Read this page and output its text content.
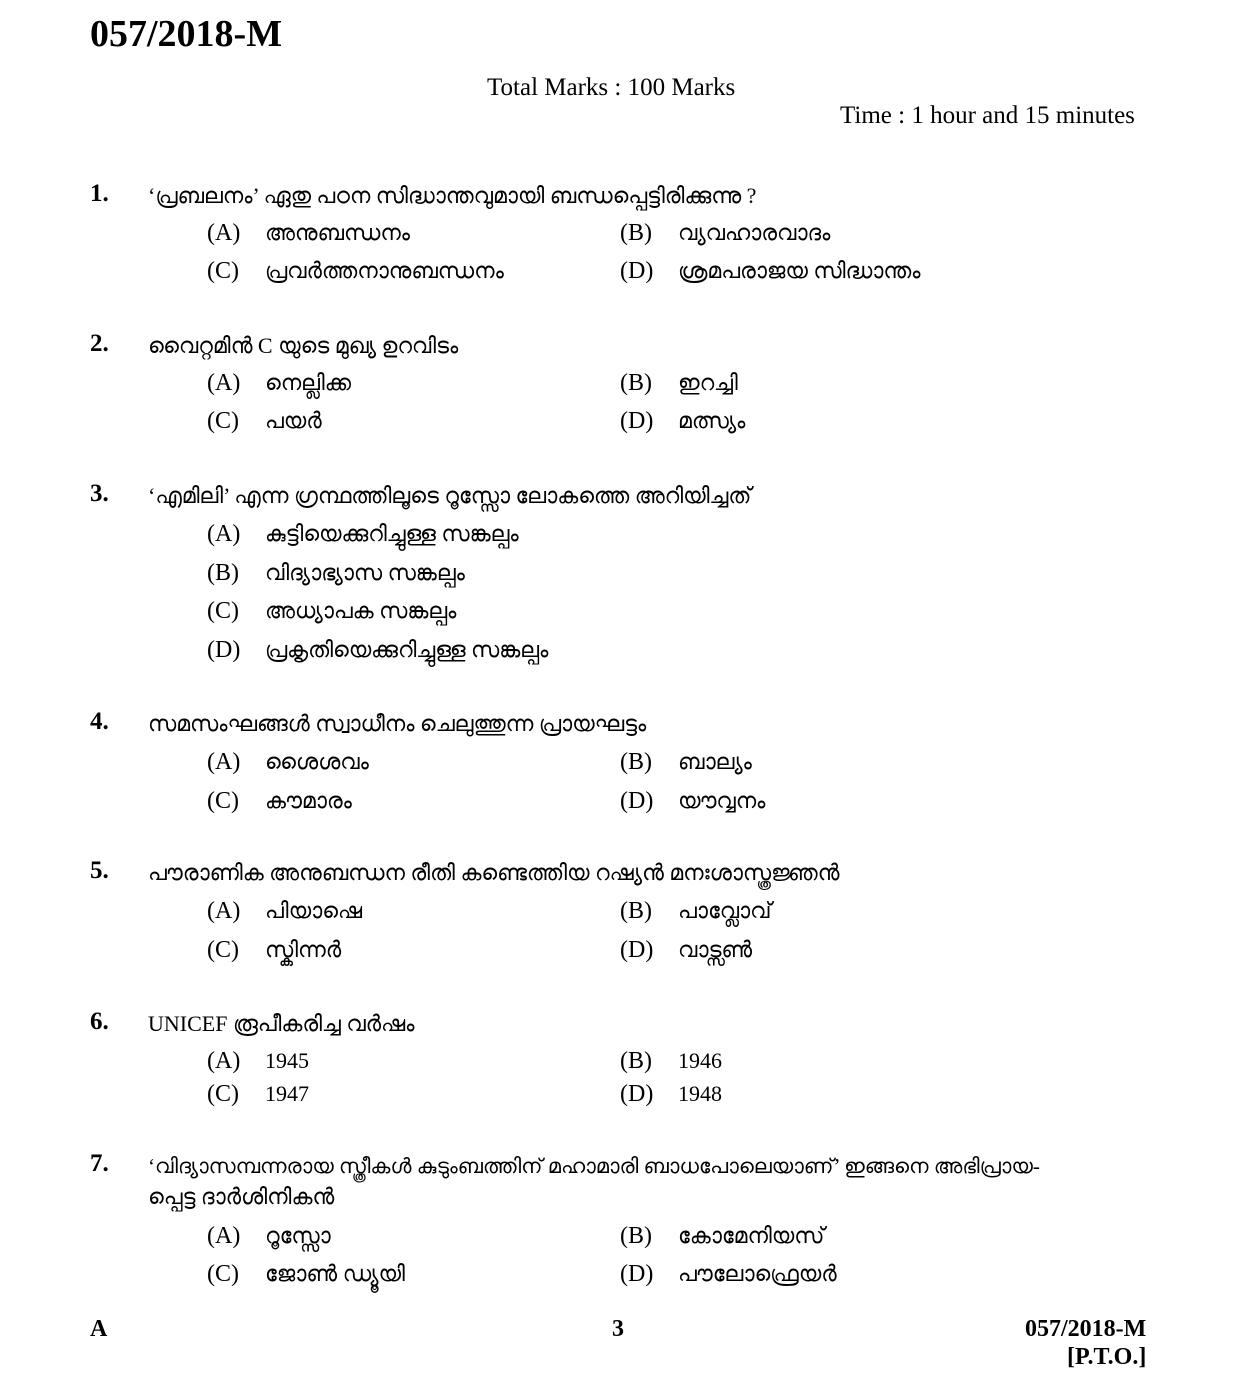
057/2018-M
Total Marks : 100 Marks
Time : 1 hour and 15 minutes
1. ‘പ്രബലനം’ ഏതു പഠന സിദ്ധാന്തവുമായി ബന്ധപ്പെട്ടിരിക്കുന്നു ?
(A) അനുബന്ധനം	(B) വ്യവഹാരവാദം
(C) പ്രവർത്തനാനുബന്ധനം	(D) ശ്രമപരാജയ സിദ്ധാന്തം
2. വൈറ്റമിൻ C യുടെ മുഖ്യ ഉറവിടം
(A) നെല്ലിക്ക	(B) ഇറച്ചി
(C) പയർ	(D) മത്സ്യം
3. ‘എമിലി’ എന്ന ഗ്രന്ഥത്തിലൂടെ റൂസ്സോ ലോകത്തെ അറിയിച്ചത്
(A) കുട്ടിയെക്കുറിച്ചുള്ള സങ്കല്പം
(B) വിദ്യാഭ്യാസ സങ്കല്പം
(C) അധ്യാപക സങ്കല്പം
(D) പ്രകൃതിയെക്കുറിച്ചുള്ള സങ്കല്പം
4. സമസംഘങ്ങൾ സ്വാധീനം ചെലുത്തുന്ന പ്രായഘട്ടം
(A) ശൈശവം	(B) ബാല്യം
(C) കൗമാരം	(D) യൗവ്വനം
5. പൗരാണിക അനുബന്ധന രീതി കണ്ടെത്തിയ റഷ്യൻ മനഃശാസ്ത്രജ്ഞൻ
(A) പിയാഷെ	(B) പാവ്ലോവ്
(C) സ്കിന്നർ	(D) വാട്സൺ
6. UNICEF രൂപീകരിച്ച വർഷം
(A) 1945	(B) 1946
(C) 1947	(D) 1948
7. ‘വിദ്യാസമ്പന്നരായ സ്ത്രീകൾ കുടുംബത്തിന് മഹാമാരി ബാധപോലെയാണ്’ ഇങ്ങനെ അഭിപ്രായ-
പ്പെട്ട ദാർശിനികൻ
(A) റൂസ്സോ	(B) കോമേനിയസ്
(C) ജോൺ ഡ്യൂയി	(D) പൗലോഫ്രെയർ
A	3	057/2018-M
[P.T.O.]
